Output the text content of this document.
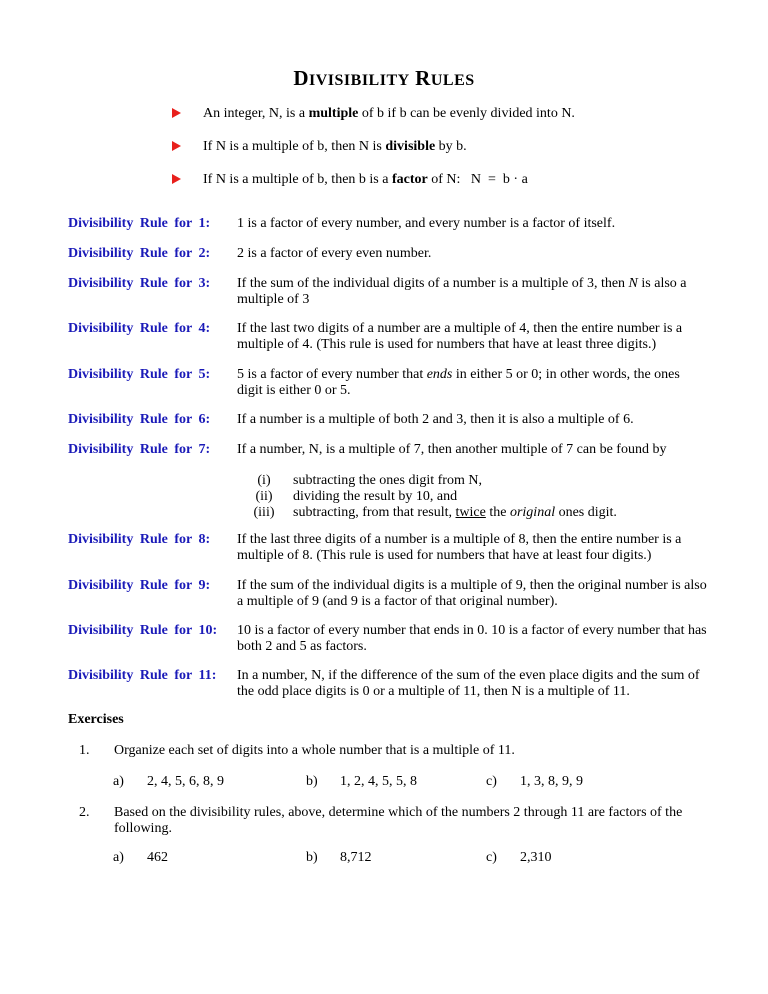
DIVISIBILITY RULES
An integer, N, is a multiple of b if b can be evenly divided into N.
If N is a multiple of b, then N is divisible by b.
If N is a multiple of b, then b is a factor of N:   N  =  b · a
Divisibility Rule for 1: 1 is a factor of every number, and every number is a factor of itself.
Divisibility Rule for 2: 2 is a factor of every even number.
Divisibility Rule for 3: If the sum of the individual digits of a number is a multiple of 3, then N is also a multiple of 3
Divisibility Rule for 4: If the last two digits of a number are a multiple of 4, then the entire number is a multiple of 4. (This rule is used for numbers that have at least three digits.)
Divisibility Rule for 5: 5 is a factor of every number that ends in either 5 or 0; in other words, the ones digit is either 0 or 5.
Divisibility Rule for 6: If a number is a multiple of both 2 and 3, then it is also a multiple of 6.
Divisibility Rule for 7: If a number, N, is a multiple of 7, then another multiple of 7 can be found by
(i)	subtracting the ones digit from N,
(ii)	dividing the result by 10, and
(iii) subtracting, from that result, twice the original ones digit.
Divisibility Rule for 8: If the last three digits of a number is a multiple of 8, then the entire number is a multiple of 8. (This rule is used for numbers that have at least four digits.)
Divisibility Rule for 9: If the sum of the individual digits is a multiple of 9, then the original number is also a multiple of 9 (and 9 is a factor of that original number).
Divisibility Rule for 10: 10 is a factor of every number that ends in 0. 10 is a factor of every number that has both 2 and 5 as factors.
Divisibility Rule for 11: In a number, N, if the difference of the sum of the even place digits and the sum of the odd place digits is 0 or a multiple of 11, then N is a multiple of 11.
Exercises
1. Organize each set of digits into a whole number that is a multiple of 11.
a)	2, 4, 5, 6, 8, 9	b)	1, 2, 4, 5, 5, 8	c)	1, 3, 8, 9, 9
2. Based on the divisibility rules, above, determine which of the numbers 2 through 11 are factors of the following.
a)	462	b)	8,712	c)	2,310
